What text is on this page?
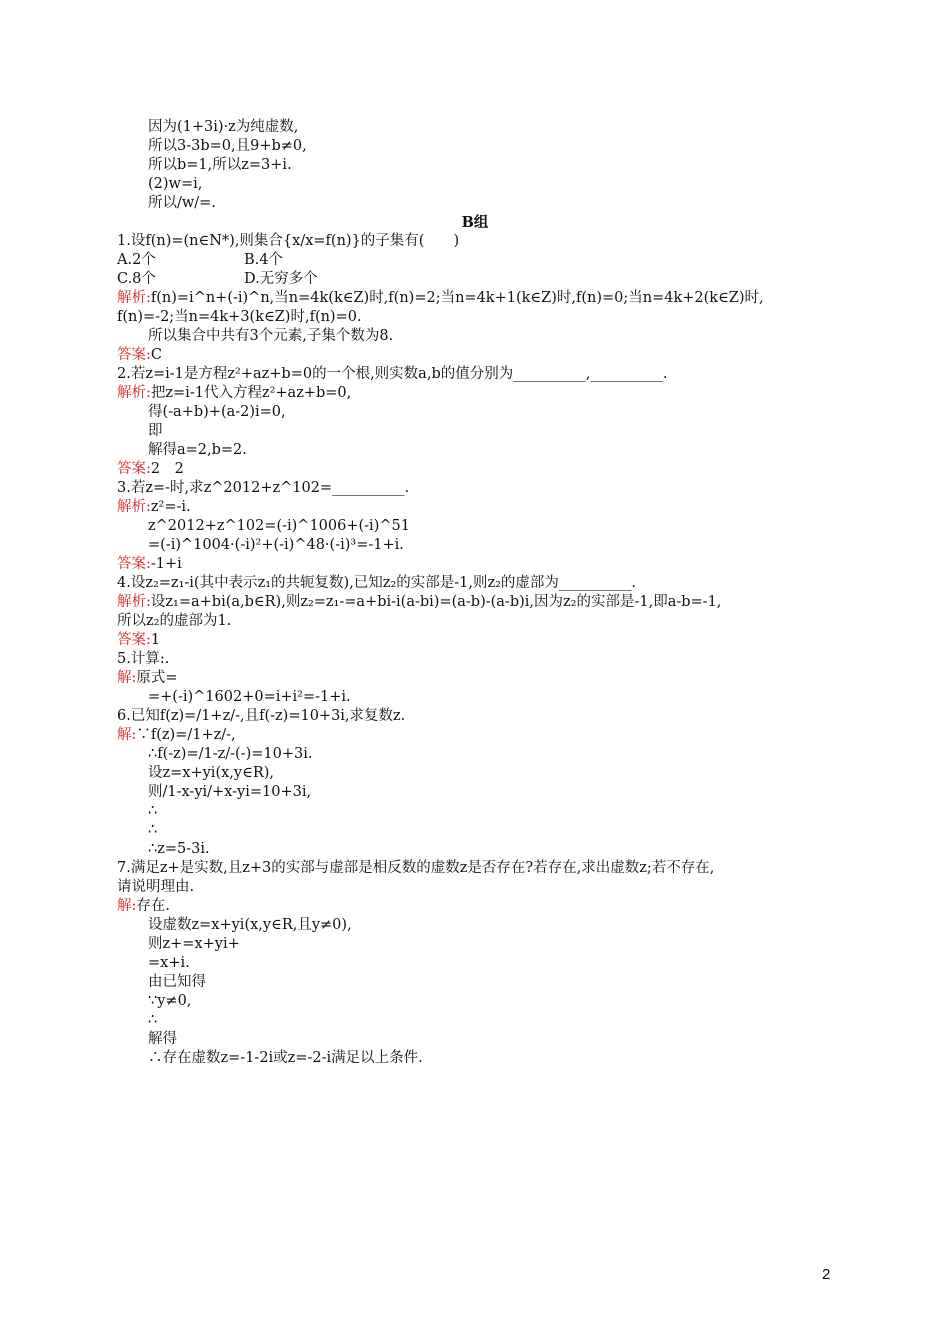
因为(1+3i)·z为纯虚数,
所以3-3b=0,且9+b≠0,
所以b=1,所以z=3+i.
(2)w=i,
所以/w/=.
B组
1.设f(n)=(n∈N*),则集合{x/x=f(n)}的子集有(　　)
A.2个	B.4个
C.8个	D.无穷多个
解析:f(n)=i^n+(-i)^n,当n=4k(k∈Z)时,f(n)=2;当n=4k+1(k∈Z)时,f(n)=0;当n=4k+2(k∈Z)时,
f(n)=-2;当n=4k+3(k∈Z)时,f(n)=0.
所以集合中共有3个元素,子集个数为8.
答案:C
2.若z=i-1是方程z²+az+b=0的一个根,则实数a,b的值分别为__________,__________.
解析:把z=i-1代入方程z²+az+b=0,
得(-a+b)+(a-2)i=0,
即
解得a=2,b=2.
答案:2　2
3.若z=-时,求z^2012+z^102=__________.
解析:z²=-i.
z^2012+z^102=(-i)^1006+(-i)^51
=(-i)^1004·(-i)²+(-i)^48·(-i)³=-1+i.
答案:-1+i
4.设z₂=z₁-i(其中表示z₁的共轭复数),已知z₂的实部是-1,则z₂的虚部为__________.
解析:设z₁=a+bi(a,b∈R),则z₂=z₁-=a+bi-i(a-bi)=(a-b)-(a-b)i,因为z₂的实部是-1,即a-b=-1,
所以z₂的虚部为1.
答案:1
5.计算:.
解:原式=
=+(-i)^1602+0=i+i²=-1+i.
6.已知f(z)=/1+z/-,且f(-z)=10+3i,求复数z.
解:∵f(z)=/1+z/-,
∴f(-z)=/1-z/-(-)=10+3i.
设z=x+yi(x,y∈R),
则/1-x-yi/+x-yi=10+3i,
∴
∴
∴z=5-3i.
7.满足z+是实数,且z+3的实部与虚部是相反数的虚数z是否存在?若存在,求出虚数z;若不存在,
请说明理由.
解:存在.
设虚数z=x+yi(x,y∈R,且y≠0),
则z+=x+yi+
=x+i.
由已知得
∵y≠0,
∴
解得
∴存在虚数z=-1-2i或z=-2-i满足以上条件.
2
